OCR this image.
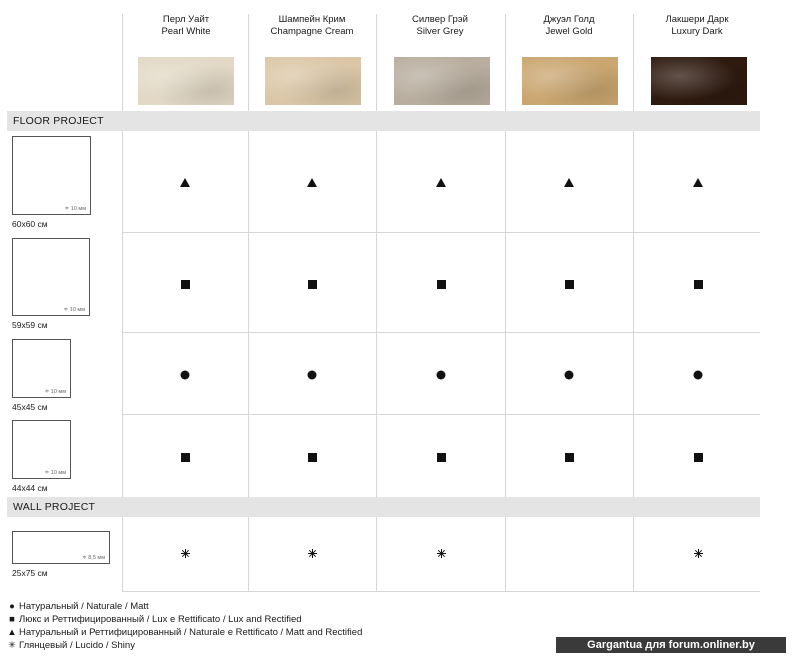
Перл Уайт
Pearl White
Шампейн Крим
Champagne Cream
Силвер Грэй
Silver Grey
Джуэл Голд
Jewel Gold
Лакшери Дарк
Luxury Dark
FLOOR PROJECT
WALL PROJECT
≑ 10 мм
60x60 см
≑ 10 мм
59x59 см
≑ 10 мм
45x45 см
≑ 10 мм
44x44 см
≑ 8,5 мм
25x75 см
● Натуральный / Naturale / Matt
■ Люкс и Реттифицированный / Lux e Rettificato / Lux and Rectified
▲ Натуральный и Реттифицированный / Naturale e Rettificato / Matt and Rectified
✳ Глянцевый / Lucido / Shiny	Gargantua для forum.onliner.by
